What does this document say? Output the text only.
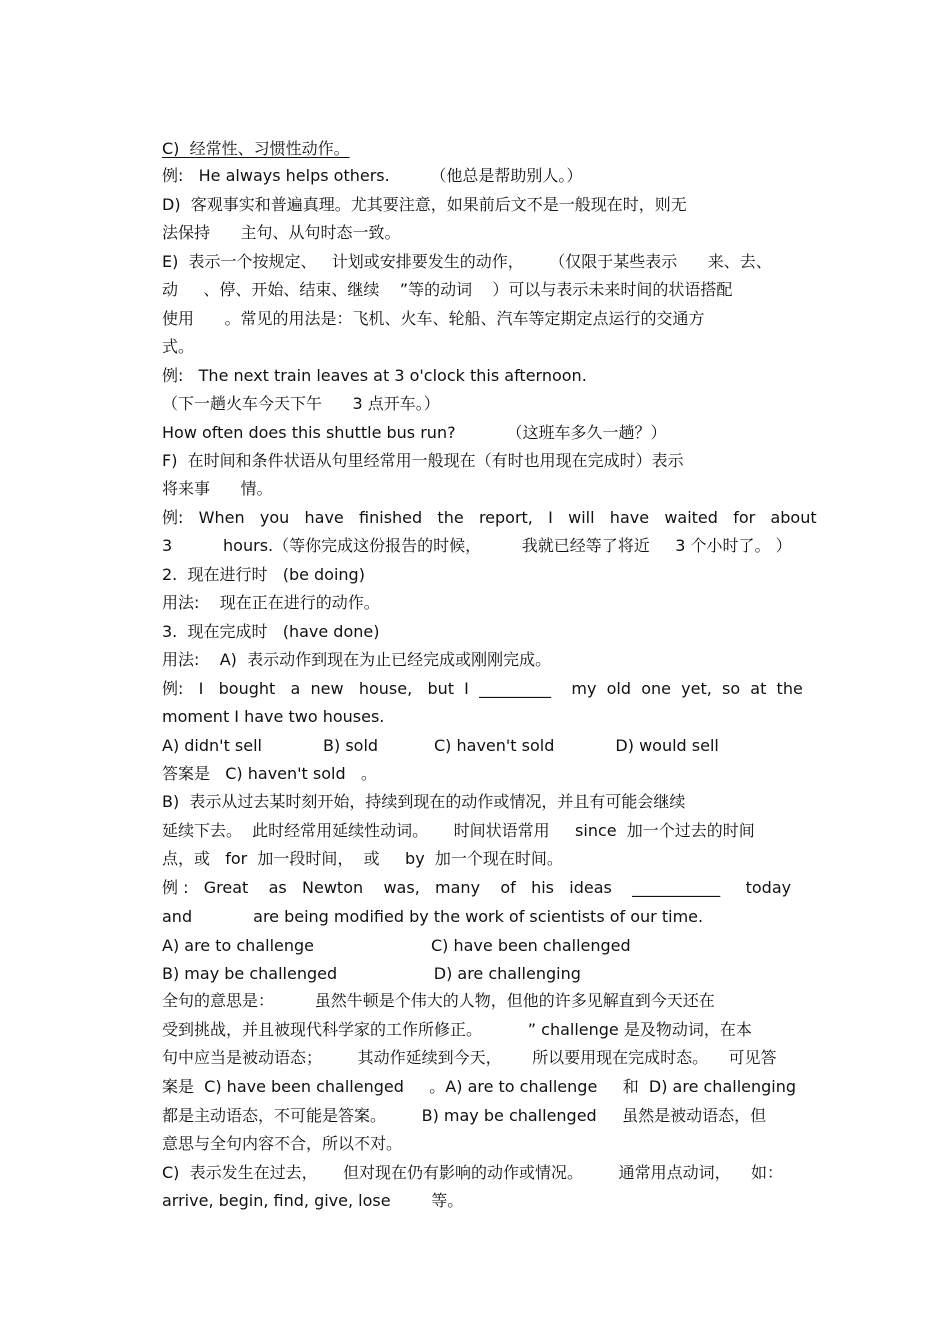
C)  经常性、习惯性动作。
例:   He always helps others.        （他总是帮助别人。）
D)  客观事实和普遍真理。尤其要注意，如果前后文不是一般现在时，则无
法保持      主句、从句时态一致。
E)  表示一个按规定、   计划或安排要发生的动作，     （仅限于某些表示      来、去、
动     、停、开始、结束、继续    ”等的动词    ）可以与表示未来时间的状语搭配
使用      。常见的用法是：飞机、火车、轮船、汽车等定期定点运行的交通方
式。
例:   The next train leaves at 3 o'clock this afternoon.
（下一趟火车今天下午      3 点开车。）
How often does this shuttle bus run?          （这班车多久一趟？）
F)  在时间和条件状语从句里经常用一般现在（有时也用现在完成时）表示
将来事      情。
例:   When   you   have   finished   the   report,   I   will   have   waited   for   about
3          hours.（等你完成这份报告的时候，        我就已经等了将近     3 个小时了。 ）
2.  现在进行时   (be doing)
用法:    现在正在进行的动作。
3.  现在完成时   (have done)
用法:    A)  表示动作到现在为止已经完成或刚刚完成。
例:   I   bought   a  new   house,   but  I  _________    my  old  one  yet,  so  at  the
moment I have two houses.
A) didn't sell            B) sold           C) haven't sold            D) would sell
答案是   C) haven't sold   。
B)  表示从过去某时刻开始，持续到现在的动作或情况，并且有可能会继续
延续下去。  此时经常用延续性动词。     时间状语常用     since  加一个过去的时间
点，或   for  加一段时间，  或     by  加一个现在时间。
例 :   Great    as   Newton    was,   many    of   his   ideas    ___________     today
and            are being modified by the work of scientists of our time.
A) are to challenge                       C) have been challenged
B) may be challenged                   D) are challenging
全句的意思是：        虽然牛顿是个伟大的人物，但他的许多见解直到今天还在
受到挑战，并且被现代科学家的工作所修正。         ” challenge 是及物动词，在本
句中应当是被动语态；       其动作延续到今天，      所以要用现在完成时态。    可见答
案是  C) have been challenged     。A) are to challenge     和  D) are challenging
都是主动语态，不可能是答案。       B) may be challenged     虽然是被动语态，但
意思与全句内容不合，所以不对。
C)  表示发生在过去，     但对现在仍有影响的动作或情况。       通常用点动词，    如：
arrive, begin, find, give, lose        等。
